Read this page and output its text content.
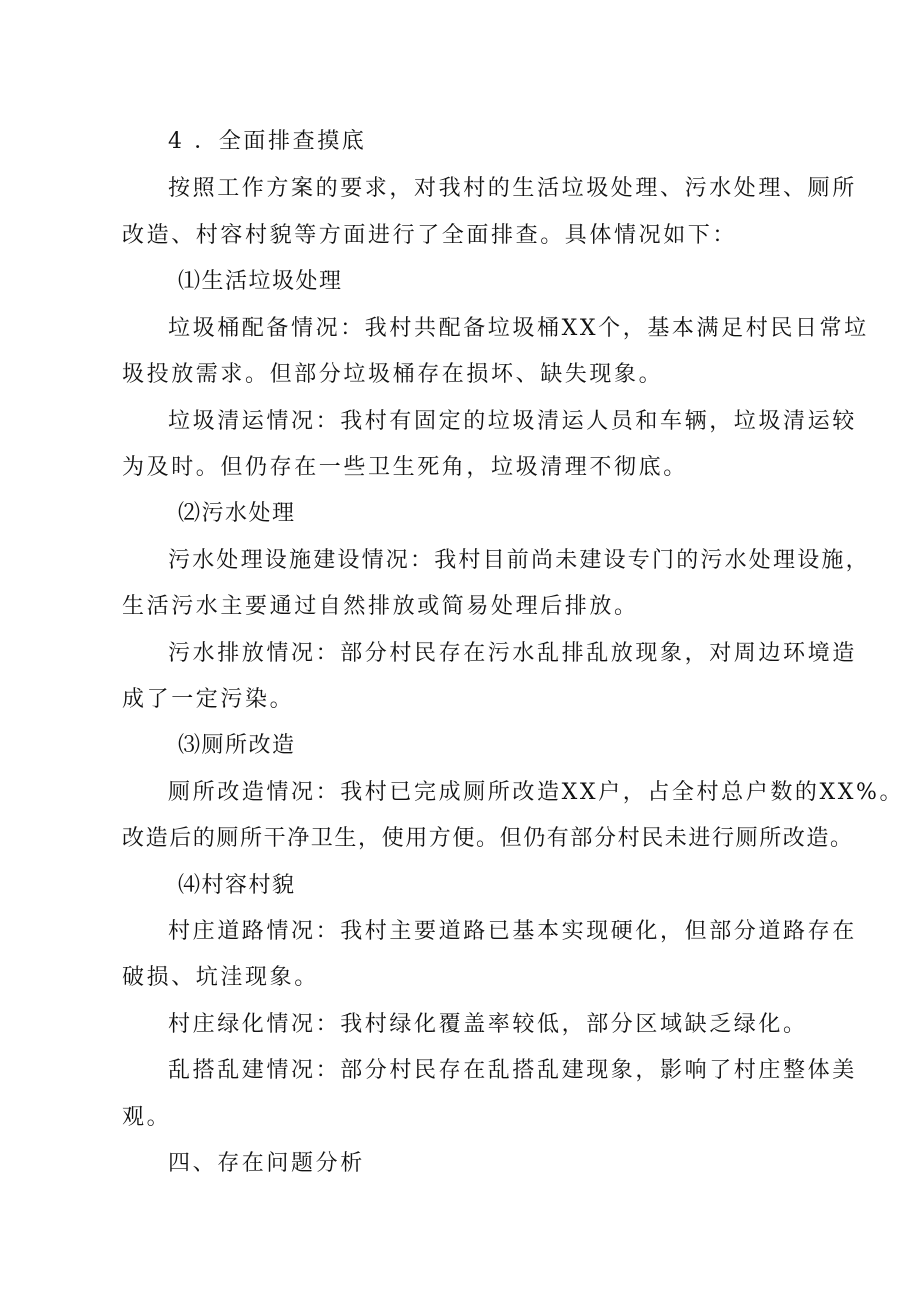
4 ．全面排查摸底
按照工作方案的要求，对我村的生活垃圾处理、污水处理、厕所
改造、村容村貌等方面进行了全面排查。具体情况如下：
⑴生活垃圾处理
垃圾桶配备情况：我村共配备垃圾桶XX个，基本满足村民日常垃
圾投放需求。但部分垃圾桶存在损坏、缺失现象。
垃圾清运情况：我村有固定的垃圾清运人员和车辆，垃圾清运较
为及时。但仍存在一些卫生死角，垃圾清理不彻底。
⑵污水处理
污水处理设施建设情况：我村目前尚未建设专门的污水处理设施，
生活污水主要通过自然排放或简易处理后排放。
污水排放情况：部分村民存在污水乱排乱放现象，对周边环境造
成了一定污染。
⑶厕所改造
厕所改造情况：我村已完成厕所改造XX户，占全村总户数的XX%。
改造后的厕所干净卫生，使用方便。但仍有部分村民未进行厕所改造。
⑷村容村貌
村庄道路情况：我村主要道路已基本实现硬化，但部分道路存在
破损、坑洼现象。
村庄绿化情况：我村绿化覆盖率较低，部分区域缺乏绿化。
乱搭乱建情况：部分村民存在乱搭乱建现象，影响了村庄整体美
观。
四、存在问题分析
